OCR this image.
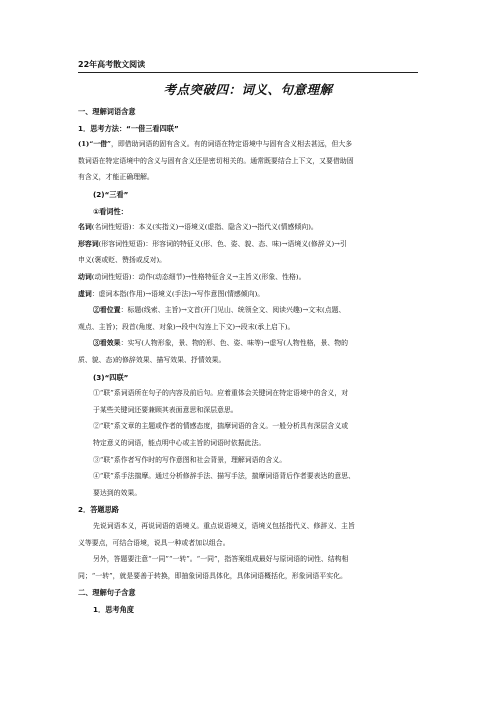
22年高考散文阅读
考点突破四：词义、句意理解
一、理解词语含意
1．思考方法：“一借三看四联”
(1)“一借”，即借助词语的固有含义。有的词语在特定语境中与固有含义相去甚远，但大多
数词语在特定语境中的含义与固有含义还是密切相关的。通常既要结合上下文，又要借助固
有含义，才能正确理解。
(2)“三看”
①看词性：
名词(名词性短语)：本义(实指义)→语境义(虚指、隐含义)→指代义(情感倾向)。
形容词(形容词性短语)：形容词的特征义(形、色、姿、貌、态、味)→语境义(修辞义)→引
申义(褒或贬、赞扬或反对)。
动词(动词性短语)：动作(动态细节)→性格特征含义→主旨义(形象、性格)。
虚词：虚词本指(作用)→语境义(手法)→写作意图(情感倾向)。
②看位置：标题(线索、主旨)→文首(开门见山、统领全文、阅读兴趣)→文末(点题、
观点、主旨)；段首(角度、对象)→段中(勾连上下文)→段末(承上启下)。
③看效果：实写(人物形象，景、物的形、色、姿、味等)→虚写(人物性格，景、物的
质、貌、态)的修辞效果、描写效果、抒情效果。
(3)“四联”
①“联”系词语所在句子的内容及前后句。应着重体会关键词在特定语境中的含义，对
于某些关键词还要兼顾其表面意思和深层意思。
②“联”系文章的主题或作者的情感态度，揣摩词语的含义。一般分析具有深层含义或
特定意义的词语，能点明中心或主旨的词语时依据此法。
③“联”系作者写作时的写作意图和社会背景，理解词语的含义。
④“联”系手法揣摩。通过分析修辞手法、描写手法，揣摩词语背后作者要表达的意思、
要达到的效果。
2．答题思路
先说词语本义，再说词语的语境义。重点说语境义，语境义包括指代义、修辞义、主旨
义等要点，可结合语境，说具一种或者加以组合。
另外，答题要注意“一同”“一转”。“一同”，指答案组成最好与原词语的词性、结构相
同；“一转”，就是要善于转换，即抽象词语具体化，具体词语概括化，形象词语平实化。
二、理解句子含意
1．思考角度
